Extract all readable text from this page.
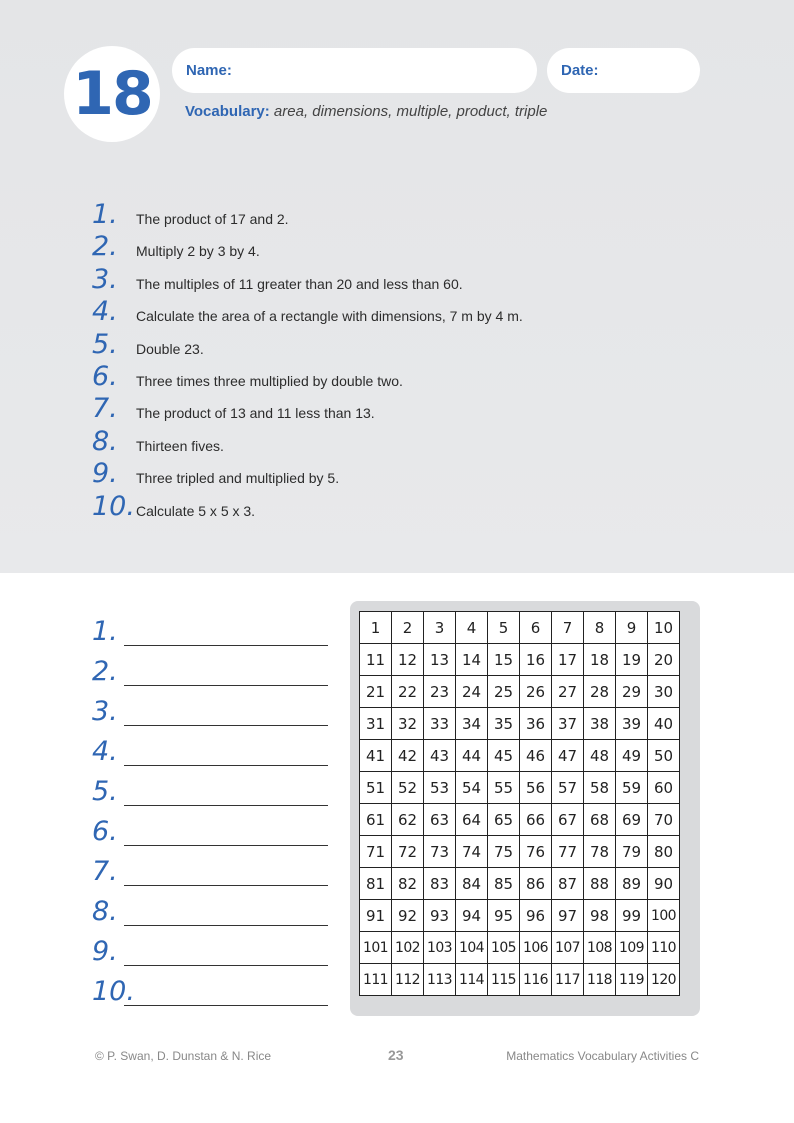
18 Name:	Date:
Vocabulary: area, dimensions, multiple, product, triple
1. The product of 17 and 2.
2. Multiply 2 by 3 by 4.
3. The multiples of 11 greater than 20 and less than 60.
4. Calculate the area of a rectangle with dimensions, 7 m by 4 m.
5. Double 23.
6. Three times three multiplied by double two.
7. The product of 13 and 11 less than 13.
8. Thirteen fives.
9. Three tripled and multiplied by 5.
10. Calculate 5 x 5 x 3.
1.
2.
3.
4.
5.
6.
7.
8.
9.
10.
1	2	3	4	5	6	7	8	9	10
11	12	13	14	15	16	17	18	19	20
21	22	23	24	25	26	27	28	29	30
31	32	33	34	35	36	37	38	39	40
41	42	43	44	45	46	47	48	49	50
51	52	53	54	55	56	57	58	59	60
61	62	63	64	65	66	67	68	69	70
71	72	73	74	75	76	77	78	79	80
81	82	83	84	85	86	87	88	89	90
91	92	93	94	95	96	97	98	99	100
101	102	103	104	105	106	107	108	109	110
111	112	113	114	115	116	117	118	119	120
© P. Swan, D. Dunstan & N. Rice	23	Mathematics Vocabulary Activities C
